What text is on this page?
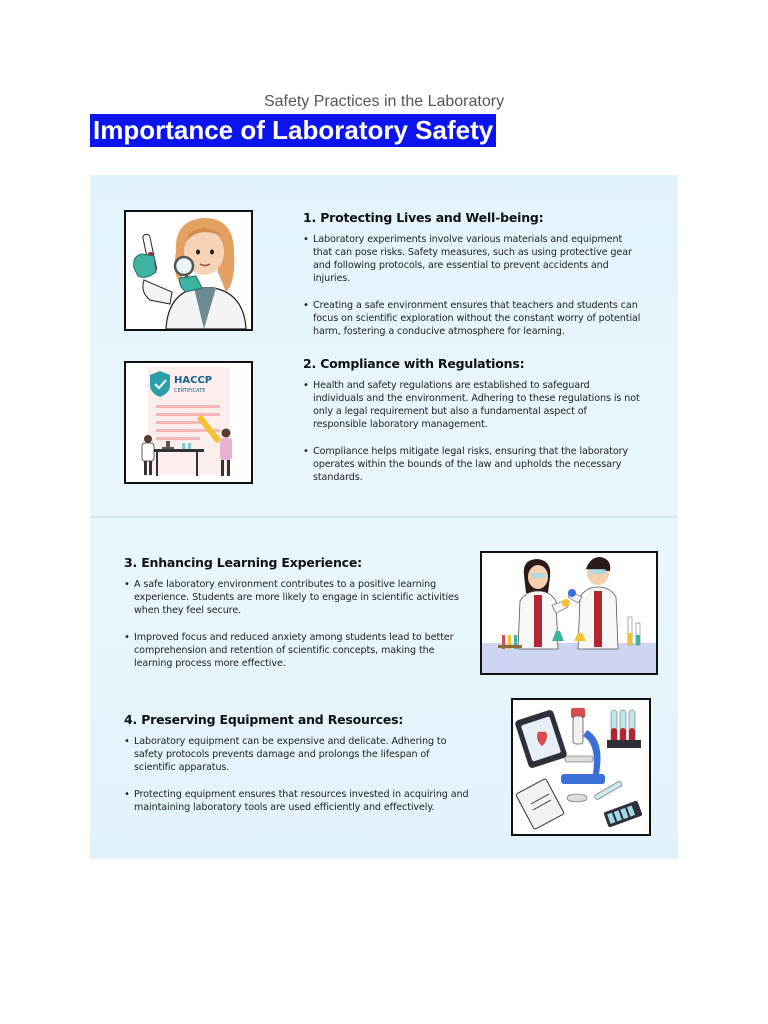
Safety Practices in the Laboratory
Importance of Laboratory Safety
1. Protecting Lives and Well-being:
• Laboratory experiments involve various materials and equipment that can pose risks. Safety measures, such as using protective gear and following protocols, are essential to prevent accidents and injuries.
• Creating a safe environment ensures that teachers and students can focus on scientific exploration without the constant worry of potential harm, fostering a conducive atmosphere for learning.
HACCP
CERTIFICATE
2. Compliance with Regulations:
• Health and safety regulations are established to safeguard individuals and the environment. Adhering to these regulations is not only a legal requirement but also a fundamental aspect of responsible laboratory management.
• Compliance helps mitigate legal risks, ensuring that the laboratory operates within the bounds of the law and upholds the necessary standards.
3. Enhancing Learning Experience:
• A safe laboratory environment contributes to a positive learning experience. Students are more likely to engage in scientific activities when they feel secure.
• Improved focus and reduced anxiety among students lead to better comprehension and retention of scientific concepts, making the learning process more effective.
4. Preserving Equipment and Resources:
• Laboratory equipment can be expensive and delicate. Adhering to safety protocols prevents damage and prolongs the lifespan of scientific apparatus.
• Protecting equipment ensures that resources invested in acquiring and maintaining laboratory tools are used efficiently and effectively.
